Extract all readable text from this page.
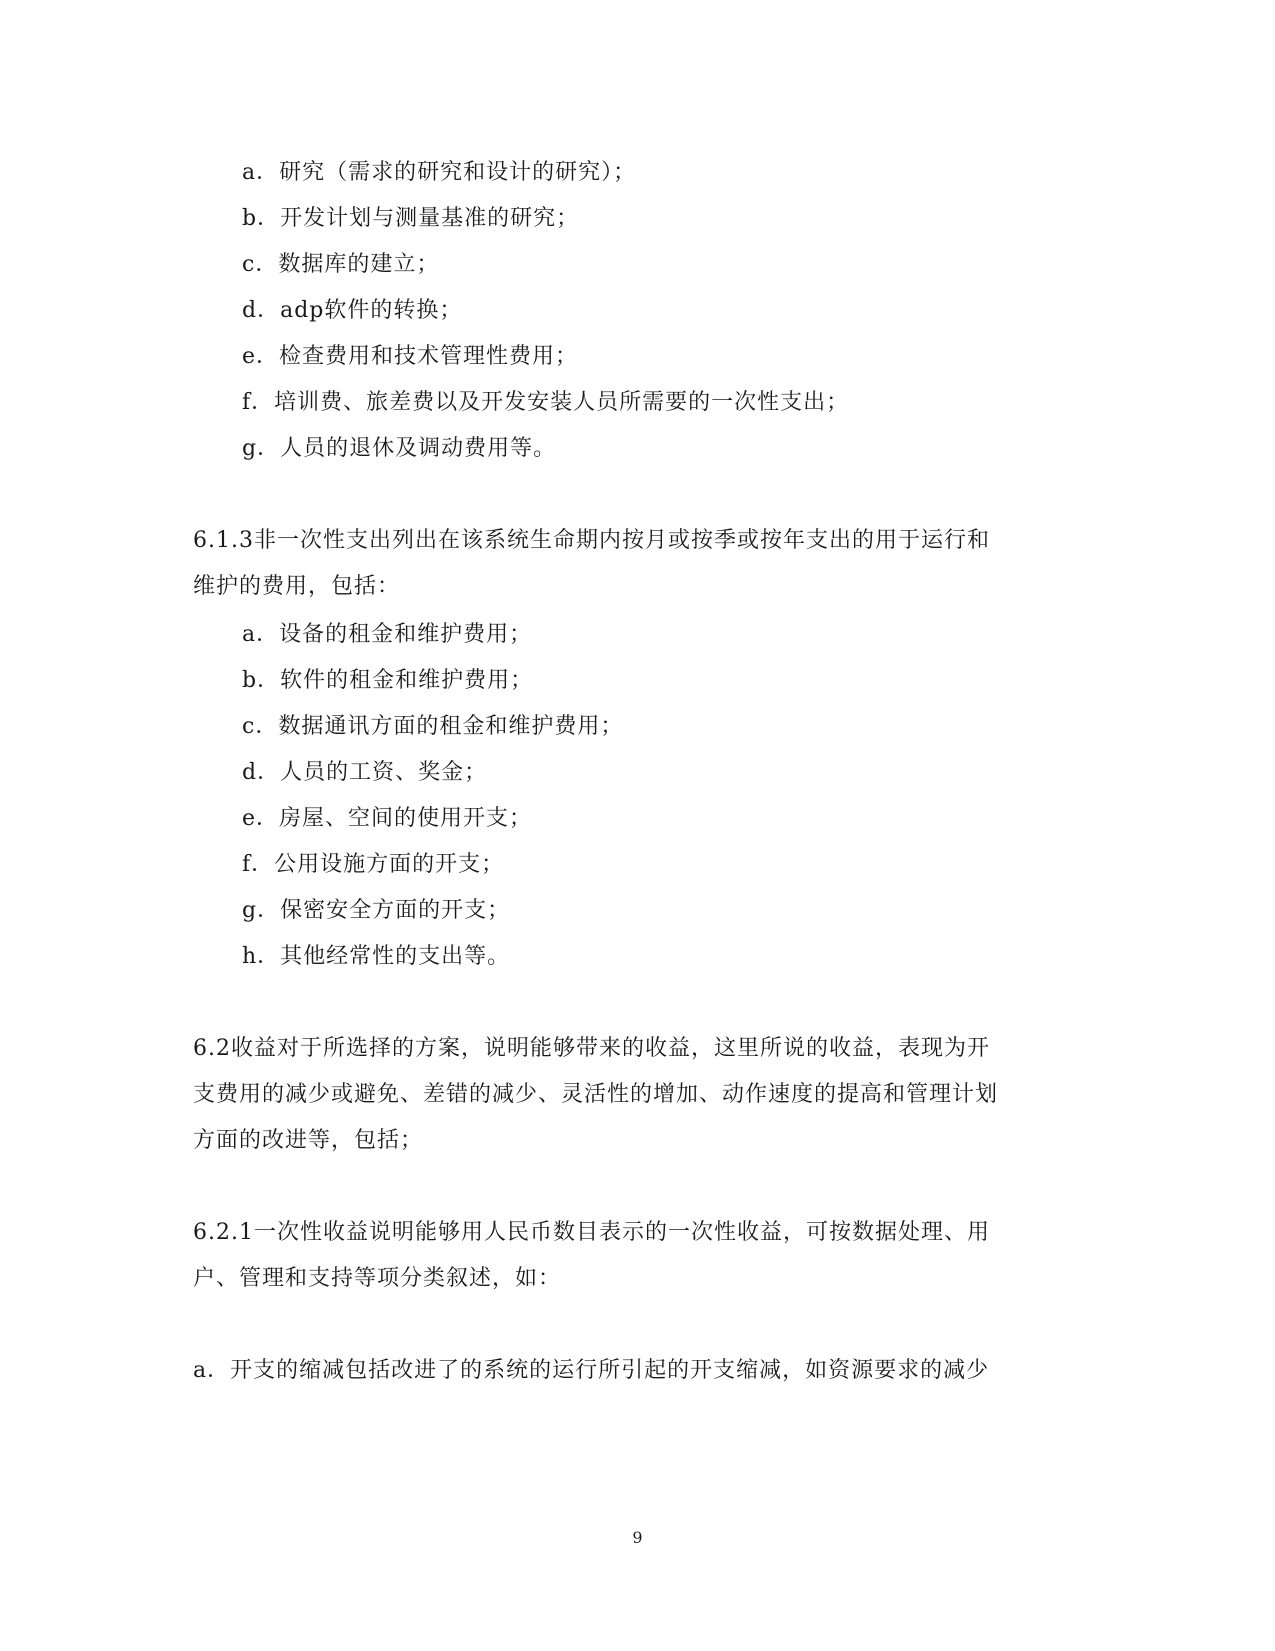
a．研究（需求的研究和设计的研究）；
b．开发计划与测量基准的研究；
c．数据库的建立；
d．adp软件的转换；
e．检查费用和技术管理性费用；
f．培训费、旅差费以及开发安装人员所需要的一次性支出；
g．人员的退休及调动费用等。
6.1.3非一次性支出列出在该系统生命期内按月或按季或按年支出的用于运行和
维护的费用，包括：
a．设备的租金和维护费用；
b．软件的租金和维护费用；
c．数据通讯方面的租金和维护费用；
d．人员的工资、奖金；
e．房屋、空间的使用开支；
f．公用设施方面的开支；
g．保密安全方面的开支；
h．其他经常性的支出等。
6.2收益对于所选择的方案，说明能够带来的收益，这里所说的收益，表现为开
支费用的减少或避免、差错的减少、灵活性的增加、动作速度的提高和管理计划
方面的改进等，包括；
6.2.1一次性收益说明能够用人民币数目表示的一次性收益，可按数据处理、用
户、管理和支持等项分类叙述，如：
a．开支的缩减包括改进了的系统的运行所引起的开支缩减，如资源要求的减少
9
